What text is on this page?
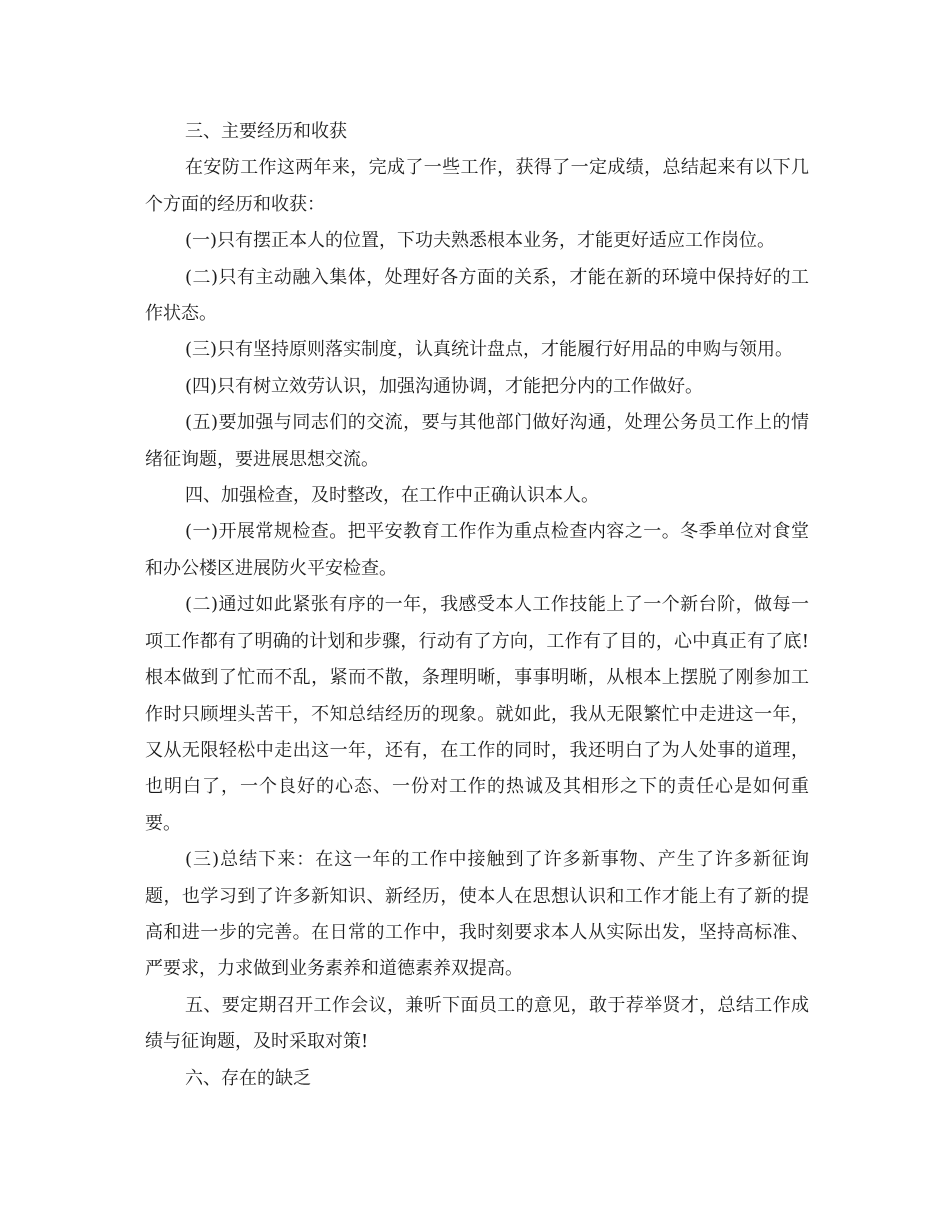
三、主要经历和收获

在安防工作这两年来，完成了一些工作，获得了一定成绩，总结起来有以下几个方面的经历和收获：

(一)只有摆正本人的位置，下功夫熟悉根本业务，才能更好适应工作岗位。

(二)只有主动融入集体，处理好各方面的关系，才能在新的环境中保持好的工作状态。

(三)只有坚持原则落实制度，认真统计盘点，才能履行好用品的申购与领用。

(四)只有树立效劳认识，加强沟通协调，才能把分内的工作做好。

(五)要加强与同志们的交流，要与其他部门做好沟通，处理公务员工作上的情绪征询题，要进展思想交流。

四、加强检查，及时整改，在工作中正确认识本人。

(一)开展常规检查。把平安教育工作作为重点检查内容之一。冬季单位对食堂和办公楼区进展防火平安检查。

(二)通过如此紧张有序的一年，我感受本人工作技能上了一个新台阶，做每一项工作都有了明确的计划和步骤，行动有了方向，工作有了目的，心中真正有了底!根本做到了忙而不乱，紧而不散，条理明晰，事事明晰，从根本上摆脱了刚参加工作时只顾埋头苦干，不知总结经历的现象。就如此，我从无限繁忙中走进这一年，又从无限轻松中走出这一年，还有，在工作的同时，我还明白了为人处事的道理，也明白了，一个良好的心态、一份对工作的热诚及其相形之下的责任心是如何重要。

(三)总结下来：在这一年的工作中接触到了许多新事物、产生了许多新征询题，也学习到了许多新知识、新经历，使本人在思想认识和工作才能上有了新的提高和进一步的完善。在日常的工作中，我时刻要求本人从实际出发，坚持高标准、严要求，力求做到业务素养和道德素养双提高。

五、要定期召开工作会议，兼听下面员工的意见，敢于荐举贤才，总结工作成绩与征询题，及时采取对策!

六、存在的缺乏
